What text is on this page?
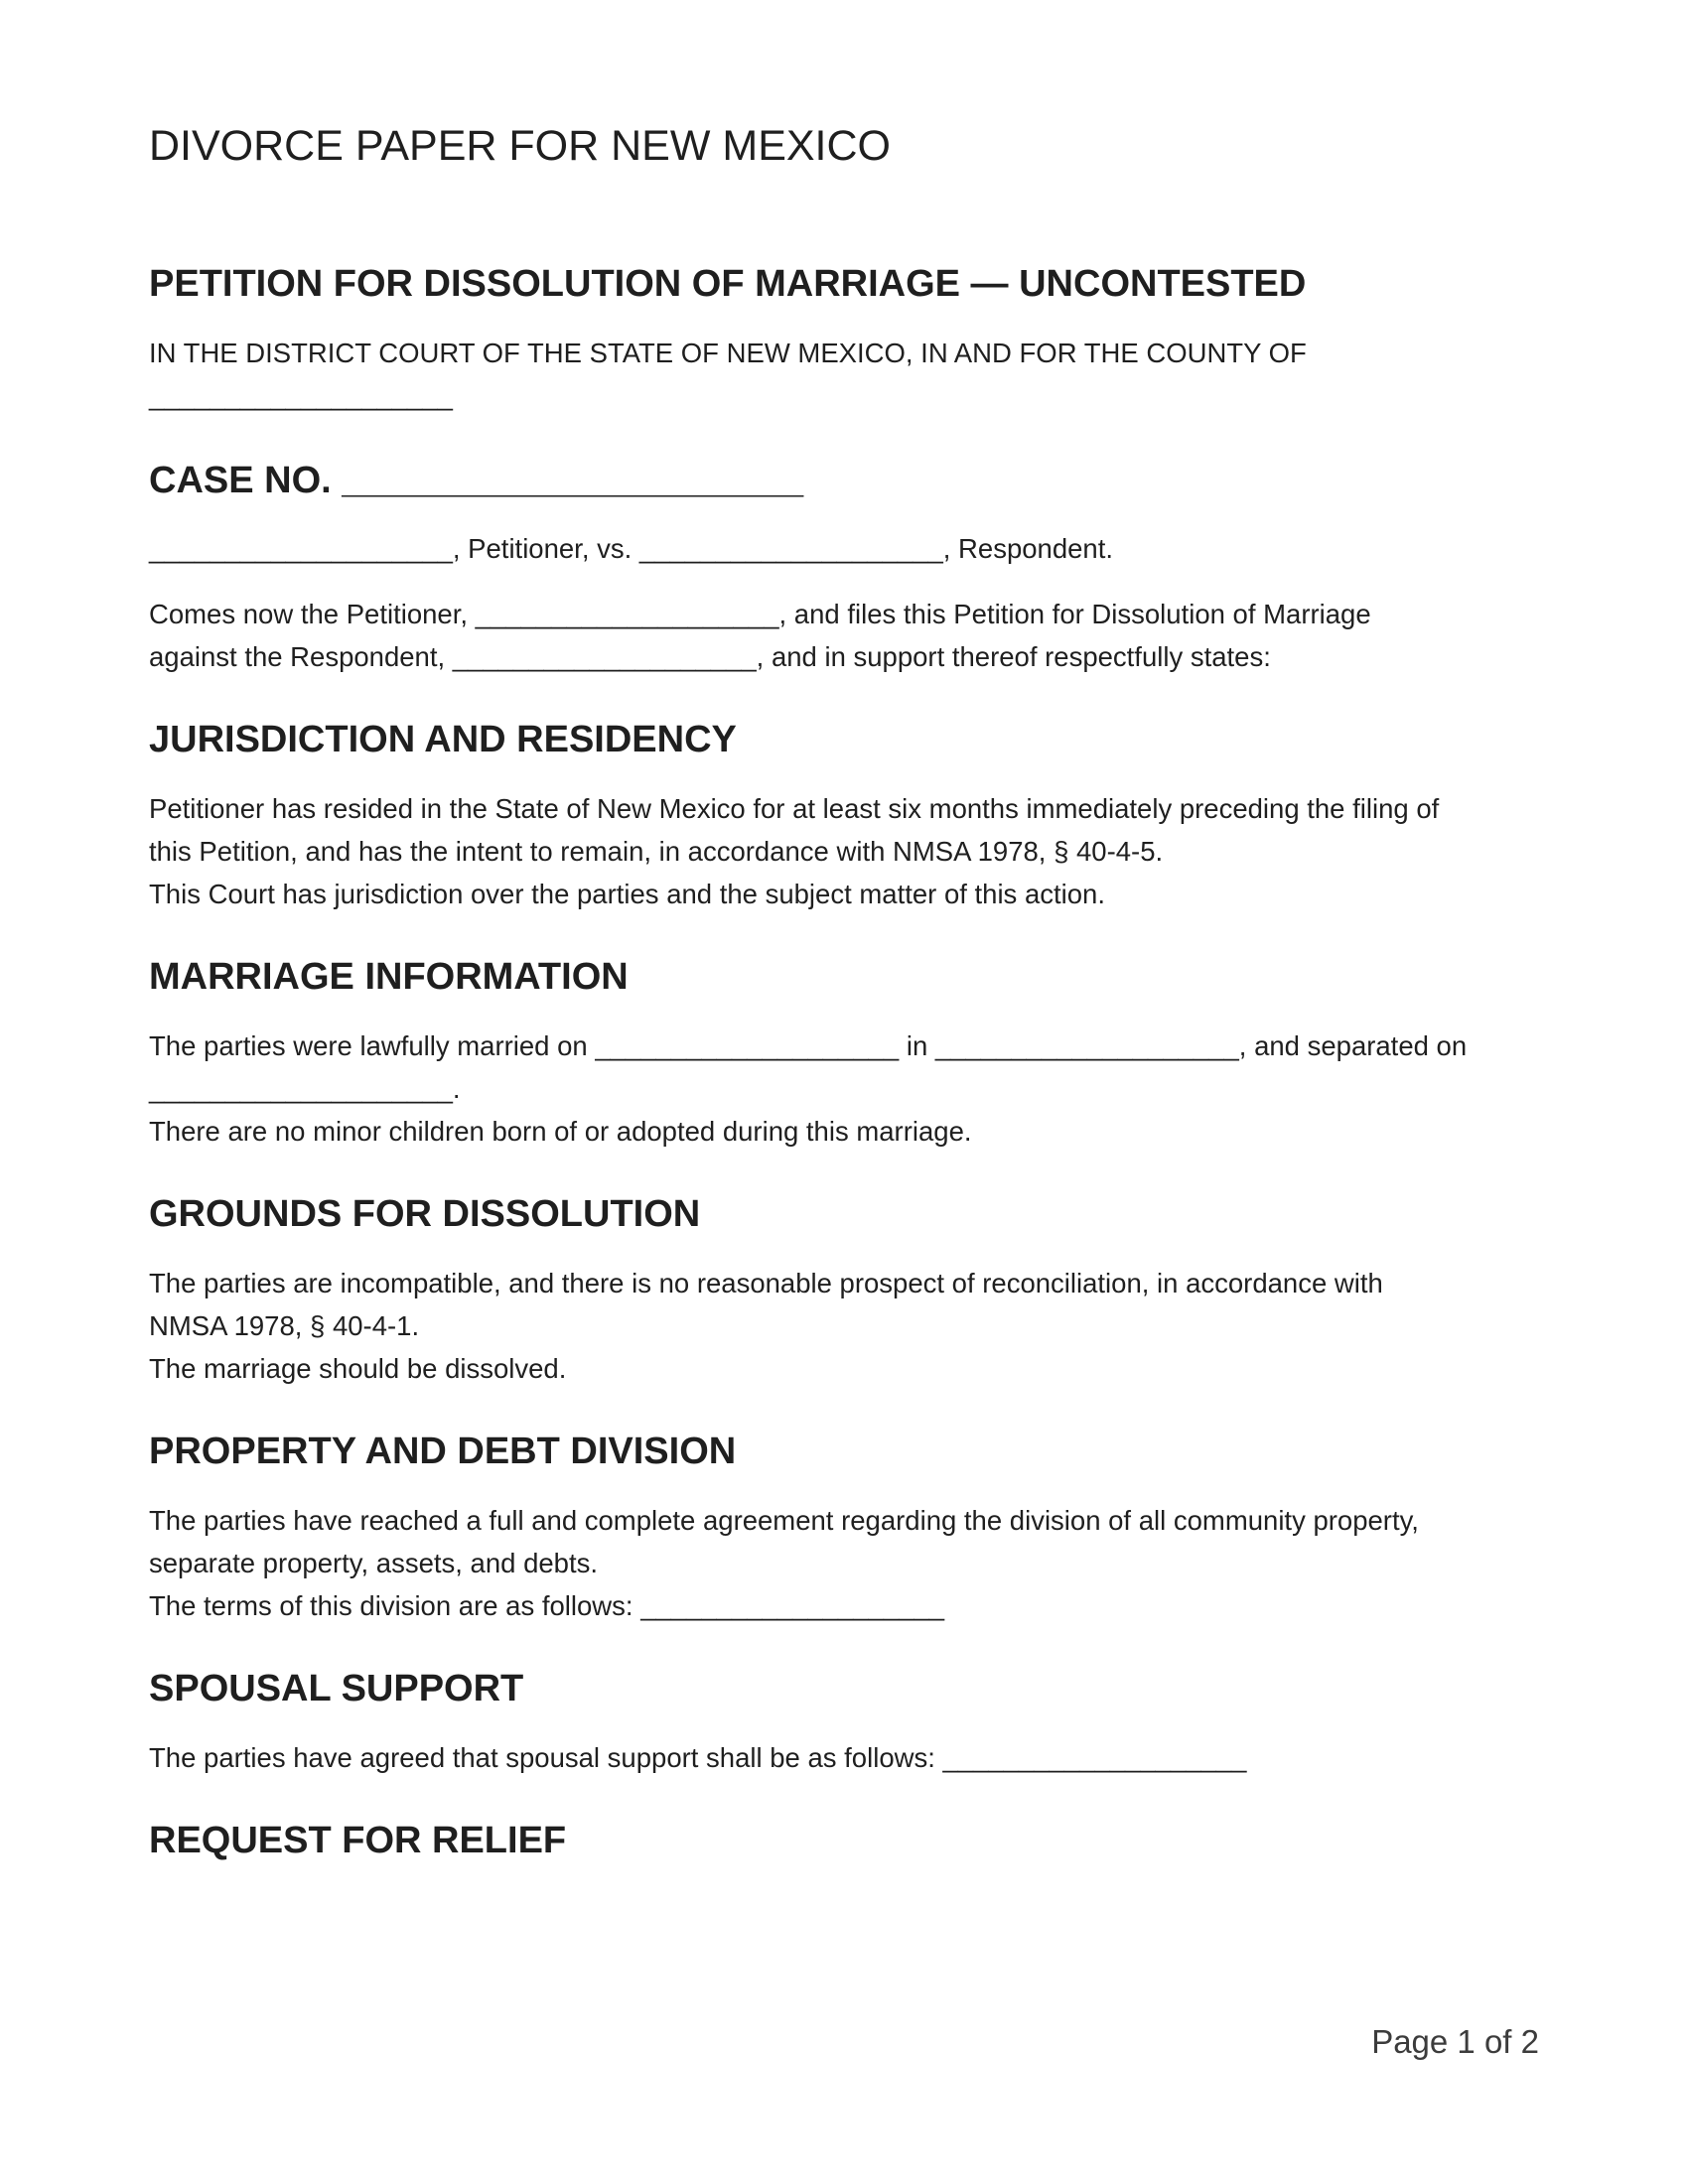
DIVORCE PAPER FOR NEW MEXICO
PETITION FOR DISSOLUTION OF MARRIAGE — UNCONTESTED

IN THE DISTRICT COURT OF THE STATE OF NEW MEXICO, IN AND FOR THE COUNTY OF
____________________

CASE NO. ______________________

____________________, Petitioner, vs. ____________________, Respondent.

Comes now the Petitioner, ____________________, and files this Petition for Dissolution of Marriage
against the Respondent, ____________________, and in support thereof respectfully states:

JURISDICTION AND RESIDENCY

Petitioner has resided in the State of New Mexico for at least six months immediately preceding the filing of
this Petition, and has the intent to remain, in accordance with NMSA 1978, § 40-4-5.
This Court has jurisdiction over the parties and the subject matter of this action.

MARRIAGE INFORMATION

The parties were lawfully married on ____________________ in ____________________, and separated on
____________________.
There are no minor children born of or adopted during this marriage.

GROUNDS FOR DISSOLUTION

The parties are incompatible, and there is no reasonable prospect of reconciliation, in accordance with
NMSA 1978, § 40-4-1.
The marriage should be dissolved.

PROPERTY AND DEBT DIVISION

The parties have reached a full and complete agreement regarding the division of all community property,
separate property, assets, and debts.
The terms of this division are as follows: ____________________

SPOUSAL SUPPORT

The parties have agreed that spousal support shall be as follows: ____________________

REQUEST FOR RELIEF
Page 1 of 2
